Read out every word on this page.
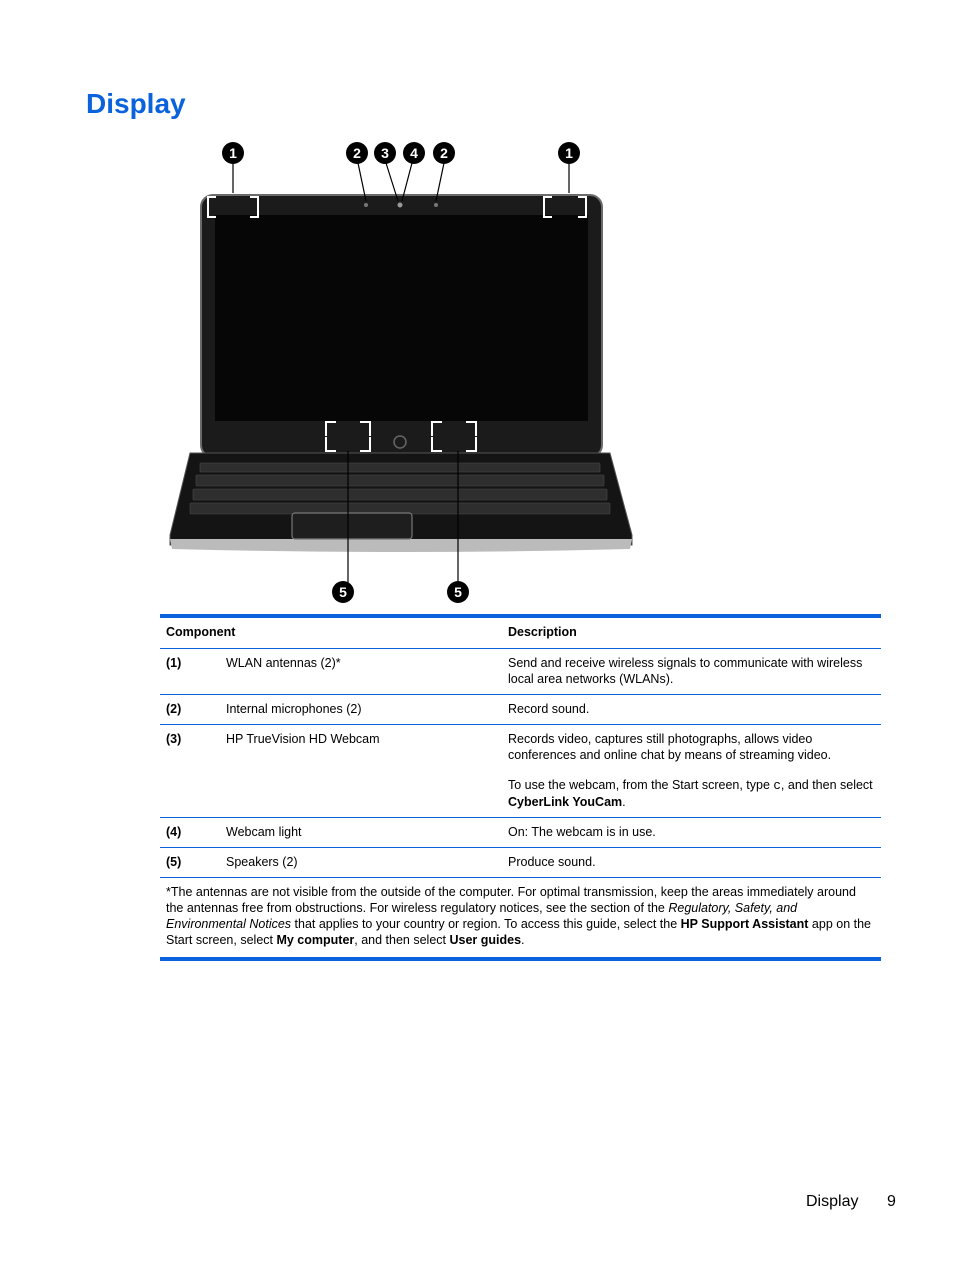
Display
1	2 3 4 2	1
5	5
Component		Description
(1)	WLAN antennas (2)*	Send and receive wireless signals to communicate with wireless local area networks (WLANs).
(2)	Internal microphones (2)	Record sound.
(3)	HP TrueVision HD Webcam	Records video, captures still photographs, allows video conferences and online chat by means of streaming video.

To use the webcam, from the Start screen, type c, and then select CyberLink YouCam.

(4)	Webcam light	On: The webcam is in use.
(5)	Speakers (2)	Produce sound.
*The antennas are not visible from the outside of the computer. For optimal transmission, keep the areas immediately around the antennas free from obstructions. For wireless regulatory notices, see the section of the Regulatory, Safety, and Environmental Notices that applies to your country or region. To access this guide, select the HP Support Assistant app on the Start screen, select My computer, and then select User guides.		
Display 9
